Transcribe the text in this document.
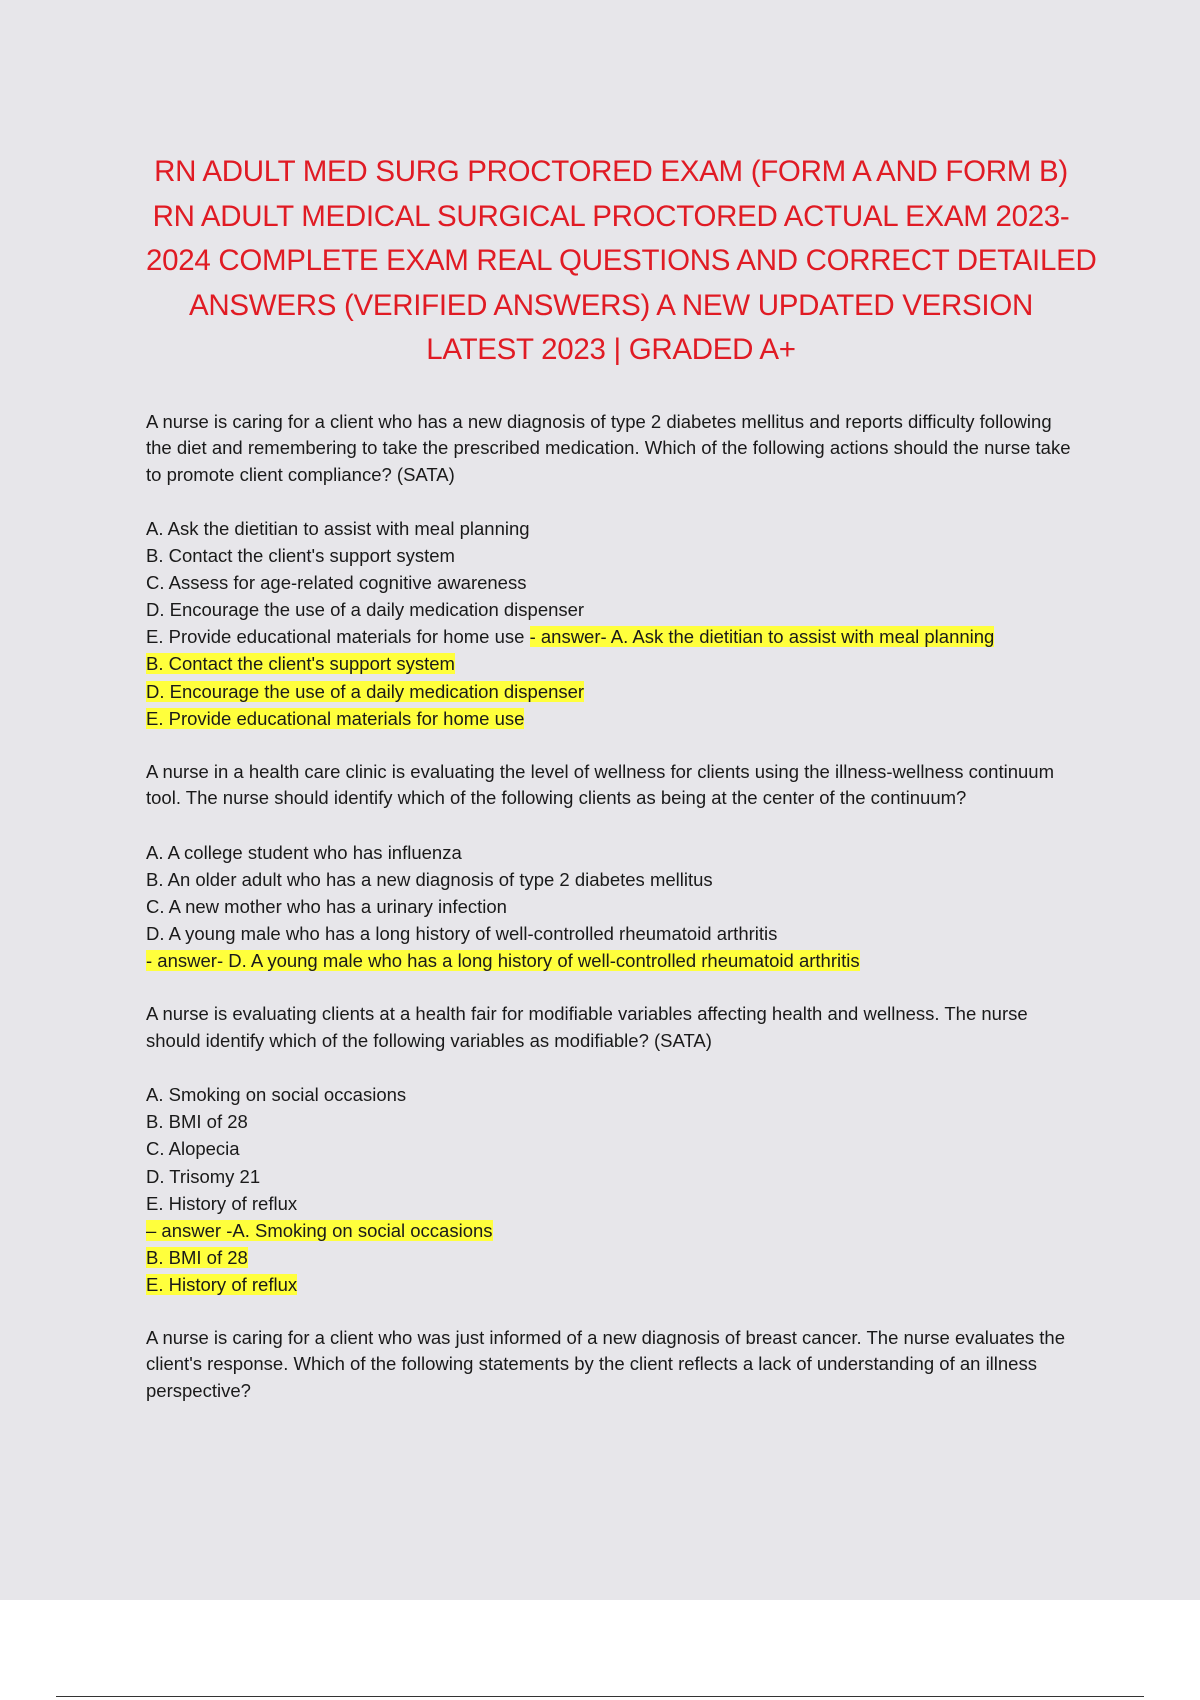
RN ADULT MED SURG PROCTORED EXAM (FORM A AND FORM B)
RN ADULT MEDICAL SURGICAL PROCTORED ACTUAL EXAM 2023-
2024 COMPLETE EXAM REAL QUESTIONS AND CORRECT DETAILED
ANSWERS (VERIFIED ANSWERS) A NEW UPDATED VERSION
LATEST 2023 | GRADED A+

A nurse is caring for a client who has a new diagnosis of type 2 diabetes mellitus and reports difficulty following the diet and remembering to take the prescribed medication. Which of the following actions should the nurse take to promote client compliance? (SATA)

A. Ask the dietitian to assist with meal planning
B. Contact the client's support system
C. Assess for age-related cognitive awareness
D. Encourage the use of a daily medication dispenser
E. Provide educational materials for home use - answer- A. Ask the dietitian to assist with meal planning
B. Contact the client's support system
D. Encourage the use of a daily medication dispenser
E. Provide educational materials for home use

A nurse in a health care clinic is evaluating the level of wellness for clients using the illness-wellness continuum tool. The nurse should identify which of the following clients as being at the center of the continuum?

A. A college student who has influenza
B. An older adult who has a new diagnosis of type 2 diabetes mellitus
C. A new mother who has a urinary infection
D. A young male who has a long history of well-controlled rheumatoid arthritis
- answer- D. A young male who has a long history of well-controlled rheumatoid arthritis

A nurse is evaluating clients at a health fair for modifiable variables affecting health and wellness. The nurse should identify which of the following variables as modifiable? (SATA)

A. Smoking on social occasions
B. BMI of 28
C. Alopecia
D. Trisomy 21
E. History of reflux
– answer -A. Smoking on social occasions
B. BMI of 28
E. History of reflux

A nurse is caring for a client who was just informed of a new diagnosis of breast cancer. The nurse evaluates the client's response. Which of the following statements by the client reflects a lack of understanding of an illness perspective?
